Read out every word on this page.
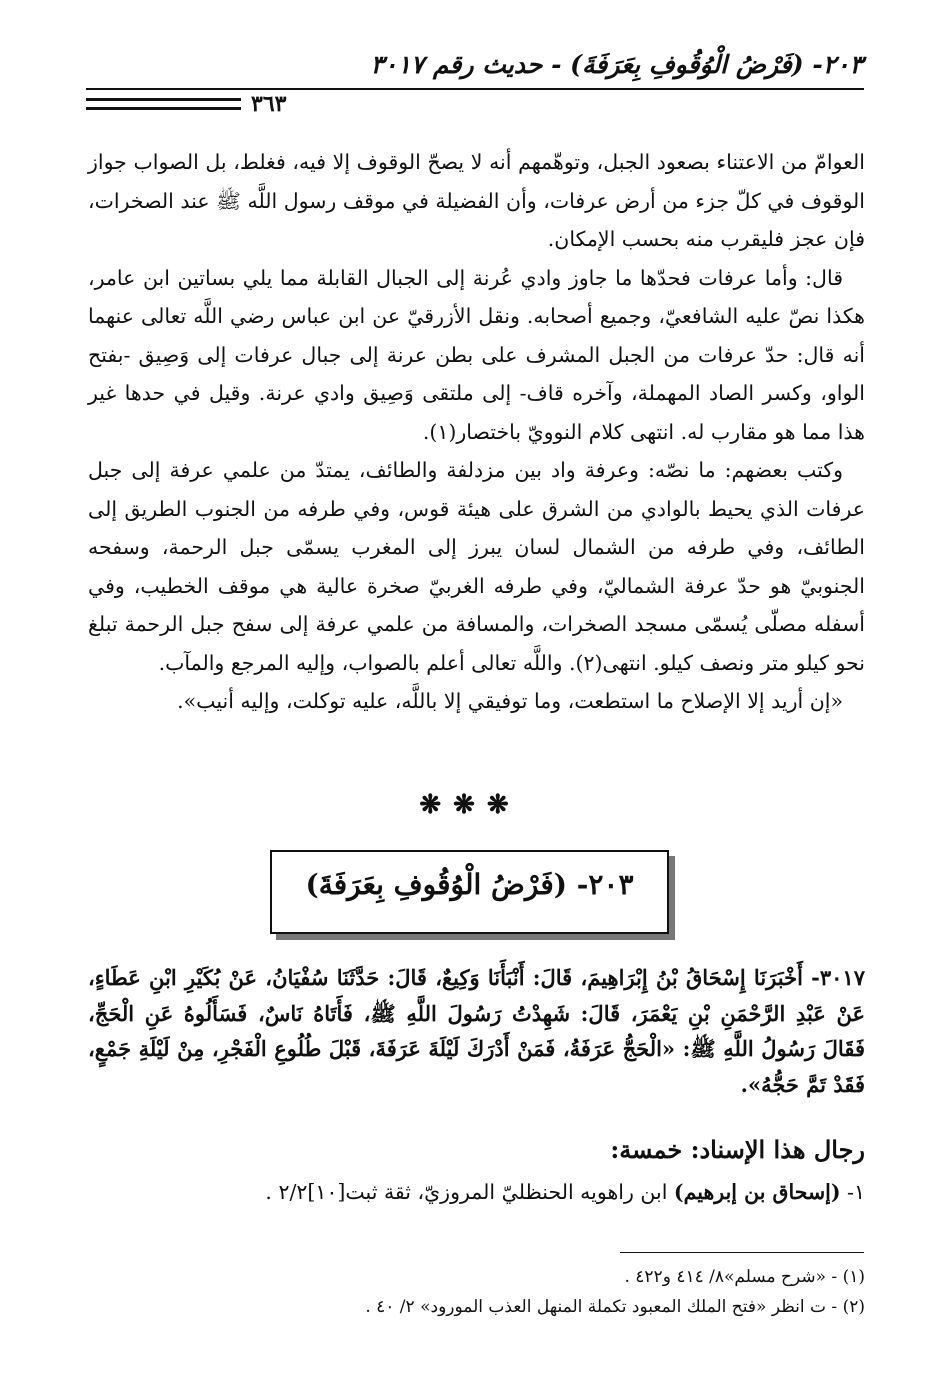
٢٠٣- (فَرْضُ الْوُقُوفِ بِعَرَفَةَ) - حديث رقم ٣٠١٧
٣٦٣

العوامّ من الاعتناء بصعود الجبل، وتوهّمهم أنه لا يصحّ الوقوف إلا فيه، فغلط، بل الصواب جواز الوقوف في كلّ جزء من أرض عرفات، وأن الفضيلة في موقف رسول اللَّه ﷺ عند الصخرات، فإن عجز فليقرب منه بحسب الإمكان.

قال: وأما عرفات فحدّها ما جاوز وادي عُرنة إلى الجبال القابلة مما يلي بساتين ابن عامر، هكذا نصّ عليه الشافعيّ، وجميع أصحابه. ونقل الأزرقيّ عن ابن عباس رضي اللَّه تعالى عنهما أنه قال: حدّ عرفات من الجبل المشرف على بطن عرنة إلى جبال عرفات إلى وَصِيق -بفتح الواو، وكسر الصاد المهملة، وآخره قاف- إلى ملتقى وَصِيق وادي عرنة. وقيل في حدها غير هذا مما هو مقارب له. انتهى كلام النوويّ باختصار(١).

وكتب بعضهم: ما نصّه: وعرفة واد بين مزدلفة والطائف، يمتدّ من علمي عرفة إلى جبل عرفات الذي يحيط بالوادي من الشرق على هيئة قوس، وفي طرفه من الجنوب الطريق إلى الطائف، وفي طرفه من الشمال لسان يبرز إلى المغرب يسمّى جبل الرحمة، وسفحه الجنوبيّ هو حدّ عرفة الشماليّ، وفي طرفه الغربيّ صخرة عالية هي موقف الخطيب، وفي أسفله مصلّى يُسمّى مسجد الصخرات، والمسافة من علمي عرفة إلى سفح جبل الرحمة تبلغ نحو كيلو متر ونصف كيلو. انتهى(٢). واللَّه تعالى أعلم بالصواب، وإليه المرجع والمآب.

«إن أريد إلا الإصلاح ما استطعت، وما توفيقي إلا باللَّه، عليه توكلت، وإليه أنيب».

❋❋❋
٢٠٣- (فَرْضُ الْوُقُوفِ بِعَرَفَةَ)
٣٠١٧- أَخْبَرَنَا إِسْحَاقُ بْنُ إِبْرَاهِيمَ، قَالَ: أَنْبَأَنَا وَكِيعٌ، قَالَ: حَدَّثَنَا سُفْيَانُ، عَنْ بُكَيْرِ ابْنِ عَطَاءٍ، عَنْ عَبْدِ الرَّحْمَنِ بْنِ يَعْمَرَ، قَالَ: شَهِدْتُ رَسُولَ اللَّهِ ﷺ، فَأَتَاهُ نَاسٌ، فَسَأَلُوهُ عَنِ الْحَجِّ، فَقَالَ رَسُولُ اللَّهِ ﷺ: «الْحَجُّ عَرَفَةُ، فَمَنْ أَدْرَكَ لَيْلَةَ عَرَفَةَ، قَبْلَ طُلُوعِ الْفَجْرِ، مِنْ لَيْلَةِ جَمْعٍ، فَقَدْ تَمَّ حَجُّهُ».
رجال هذا الإسناد: خمسة:
١- (إسحاق بن إبرهيم) ابن راهويه الحنظليّ المروزيّ، ثقة ثبت[١٠]٢/٢ .
(١) - «شرح مسلم»٨/ ٤١٤ و٤٢٢ .
(٢) - ت انظر «فتح الملك المعبود تكملة المنهل العذب المورود» ٢/ ٤٠ .
